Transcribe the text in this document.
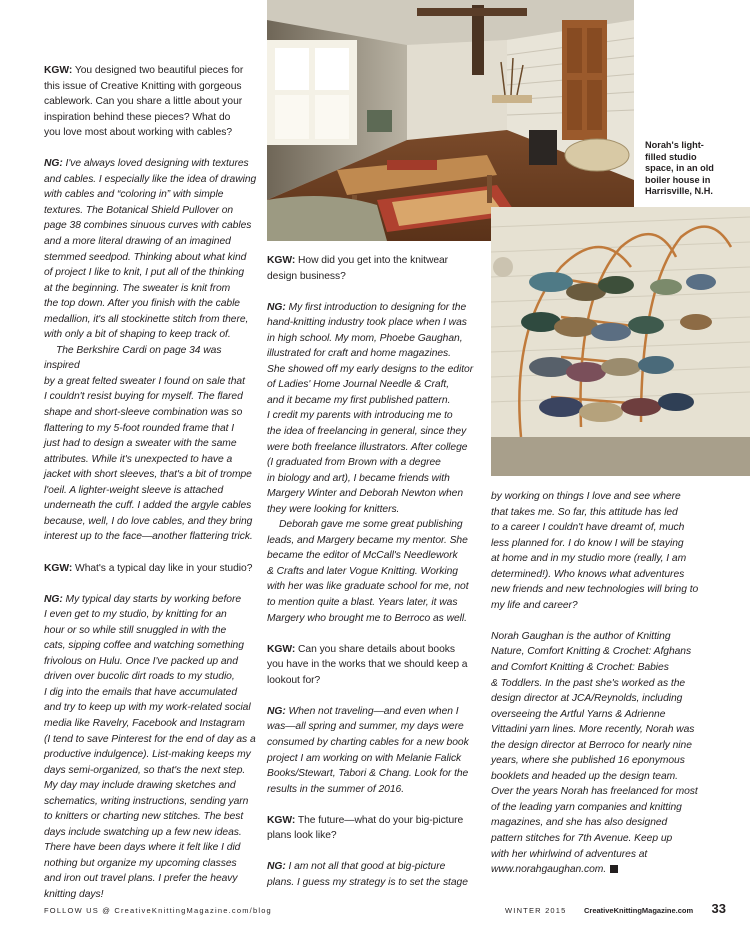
Norah's light-
filled studio
space, in an old
boiler house in
Harrisville, N.H.

KGW: You designed two beautiful pieces for
this issue of Creative Knitting with gorgeous
cablework. Can you share a little about your
inspiration behind these pieces? What do
you love most about working with cables?

NG: I've always loved designing with textures
and cables. I especially like the idea of drawing
with cables and “coloring in” with simple
textures. The Botanical Shield Pullover on
page 38 combines sinuous curves with cables
and a more literal drawing of an imagined
stemmed seedpod. Thinking about what kind
of project I like to knit, I put all of the thinking
at the beginning. The sweater is knit from
the top down. After you finish with the cable
medallion, it's all stockinette stitch from there,
with only a bit of shaping to keep track of.

The Berkshire Cardi on page 34 was inspired
by a great felted sweater I found on sale that
I couldn't resist buying for myself. The flared
shape and short-sleeve combination was so
flattering to my 5-foot rounded frame that I
just had to design a sweater with the same
attributes. While it's unexpected to have a
jacket with short sleeves, that's a bit of trompe
l'oeil. A lighter-weight sleeve is attached
underneath the cuff. I added the argyle cables
because, well, I do love cables, and they bring
interest up to the face—another flattering trick.

KGW: What's a typical day like in your studio?

NG: My typical day starts by working before
I even get to my studio, by knitting for an
hour or so while still snuggled in with the
cats, sipping coffee and watching something
frivolous on Hulu. Once I've packed up and
driven over bucolic dirt roads to my studio,
I dig into the emails that have accumulated
and try to keep up with my work-related social
media like Ravelry, Facebook and Instagram
(I tend to save Pinterest for the end of day as a
productive indulgence). List-making keeps my
days semi-organized, so that's the next step.
My day may include drawing sketches and
schematics, writing instructions, sending yarn
to knitters or charting new stitches. The best
days include swatching up a few new ideas.
There have been days where it felt like I did
nothing but organize my upcoming classes
and iron out travel plans. I prefer the heavy
knitting days!

KGW: How did you get into the knitwear
design business?

NG: My first introduction to designing for the
hand-knitting industry took place when I was
in high school. My mom, Phoebe Gaughan,
illustrated for craft and home magazines.
She showed off my early designs to the editor
of Ladies' Home Journal Needle & Craft,
and it became my first published pattern.
I credit my parents with introducing me to
the idea of freelancing in general, since they
were both freelance illustrators. After college
(I graduated from Brown with a degree
in biology and art), I became friends with
Margery Winter and Deborah Newton when
they were looking for knitters.

Deborah gave me some great publishing
leads, and Margery became my mentor. She
became the editor of McCall's Needlework
& Crafts and later Vogue Knitting. Working
with her was like graduate school for me, not
to mention quite a blast. Years later, it was
Margery who brought me to Berroco as well.

KGW: Can you share details about books
you have in the works that we should keep a
lookout for?

NG: When not traveling—and even when I
was—all spring and summer, my days were
consumed by charting cables for a new book
project I am working on with Melanie Falick
Books/Stewart, Tabori & Chang. Look for the
results in the summer of 2016.

KGW: The future—what do your big-picture
plans look like?

NG: I am not all that good at big-picture
plans. I guess my strategy is to set the stage

by working on things I love and see where
that takes me. So far, this attitude has led
to a career I couldn't have dreamt of, much
less planned for. I do know I will be staying
at home and in my studio more (really, I am
determined!). Who knows what adventures
new friends and new technologies will bring to
my life and career?

Norah Gaughan is the author of Knitting
Nature, Comfort Knitting & Crochet: Afghans
and Comfort Knitting & Crochet: Babies
& Toddlers. In the past she's worked as the
design director at JCA/Reynolds, including
overseeing the Artful Yarns & Adrienne
Vittadini yarn lines. More recently, Norah was
the design director at Berroco for nearly nine
years, where she published 16 eponymous
booklets and headed up the design team.
Over the years Norah has freelanced for most
of the leading yarn companies and knitting
magazines, and she has also designed
pattern stitches for 7th Avenue. Keep up
with her whirlwind of adventures at
www.norahgaughan.com.

FOLLOW US @ CreativeKnittingMagazine.com/blog	WINTER 2015 CreativeKnittingMagazine.com 33
